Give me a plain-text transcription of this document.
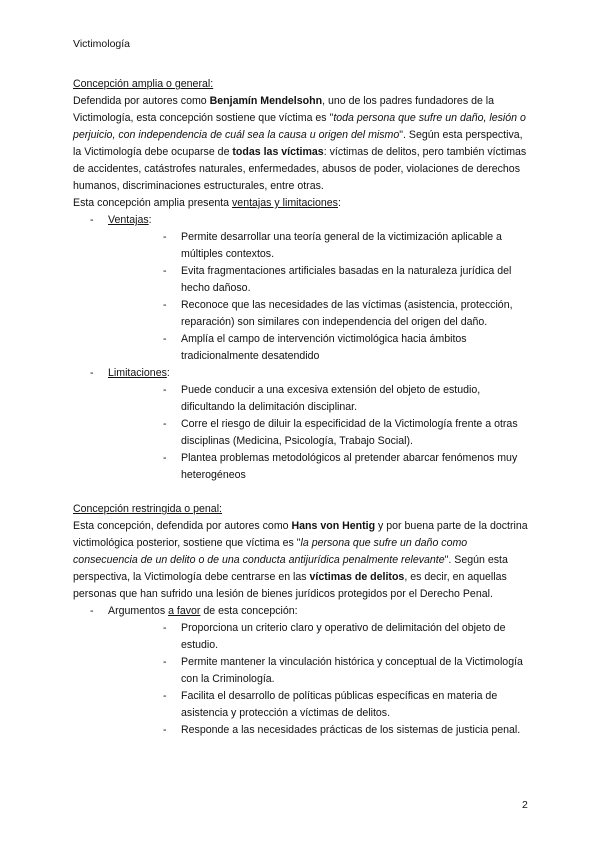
Victimología

Concepción amplia o general:

Defendida por autores como Benjamín Mendelsohn, uno de los padres fundadores de la Victimología, esta concepción sostiene que víctima es "toda persona que sufre un daño, lesión o perjuicio, con independencia de cuál sea la causa u origen del mismo". Según esta perspectiva, la Victimología debe ocuparse de todas las víctimas: víctimas de delitos, pero también víctimas de accidentes, catástrofes naturales, enfermedades, abusos de poder, violaciones de derechos humanos, discriminaciones estructurales, entre otras.

Esta concepción amplia presenta ventajas y limitaciones:

- Ventajas:
- Permite desarrollar una teoría general de la victimización aplicable a múltiples contextos.
- Evita fragmentaciones artificiales basadas en la naturaleza jurídica del hecho dañoso.
- Reconoce que las necesidades de las víctimas (asistencia, protección, reparación) son similares con independencia del origen del daño.
- Amplía el campo de intervención victimológica hacia ámbitos tradicionalmente desatendido
- Limitaciones:
- Puede conducir a una excesiva extensión del objeto de estudio, dificultando la delimitación disciplinar.
- Corre el riesgo de diluir la especificidad de la Victimología frente a otras disciplinas (Medicina, Psicología, Trabajo Social).
- Plantea problemas metodológicos al pretender abarcar fenómenos muy heterogéneos

Concepción restringida o penal:

Esta concepción, defendida por autores como Hans von Hentig y por buena parte de la doctrina victimológica posterior, sostiene que víctima es "la persona que sufre un daño como consecuencia de un delito o de una conducta antijurídica penalmente relevante". Según esta perspectiva, la Victimología debe centrarse en las víctimas de delitos, es decir, en aquellas personas que han sufrido una lesión de bienes jurídicos protegidos por el Derecho Penal.

- Argumentos a favor de esta concepción:
- Proporciona un criterio claro y operativo de delimitación del objeto de estudio.
- Permite mantener la vinculación histórica y conceptual de la Victimología con la Criminología.
- Facilita el desarrollo de políticas públicas específicas en materia de asistencia y protección a víctimas de delitos.
- Responde a las necesidades prácticas de los sistemas de justicia penal.
2
